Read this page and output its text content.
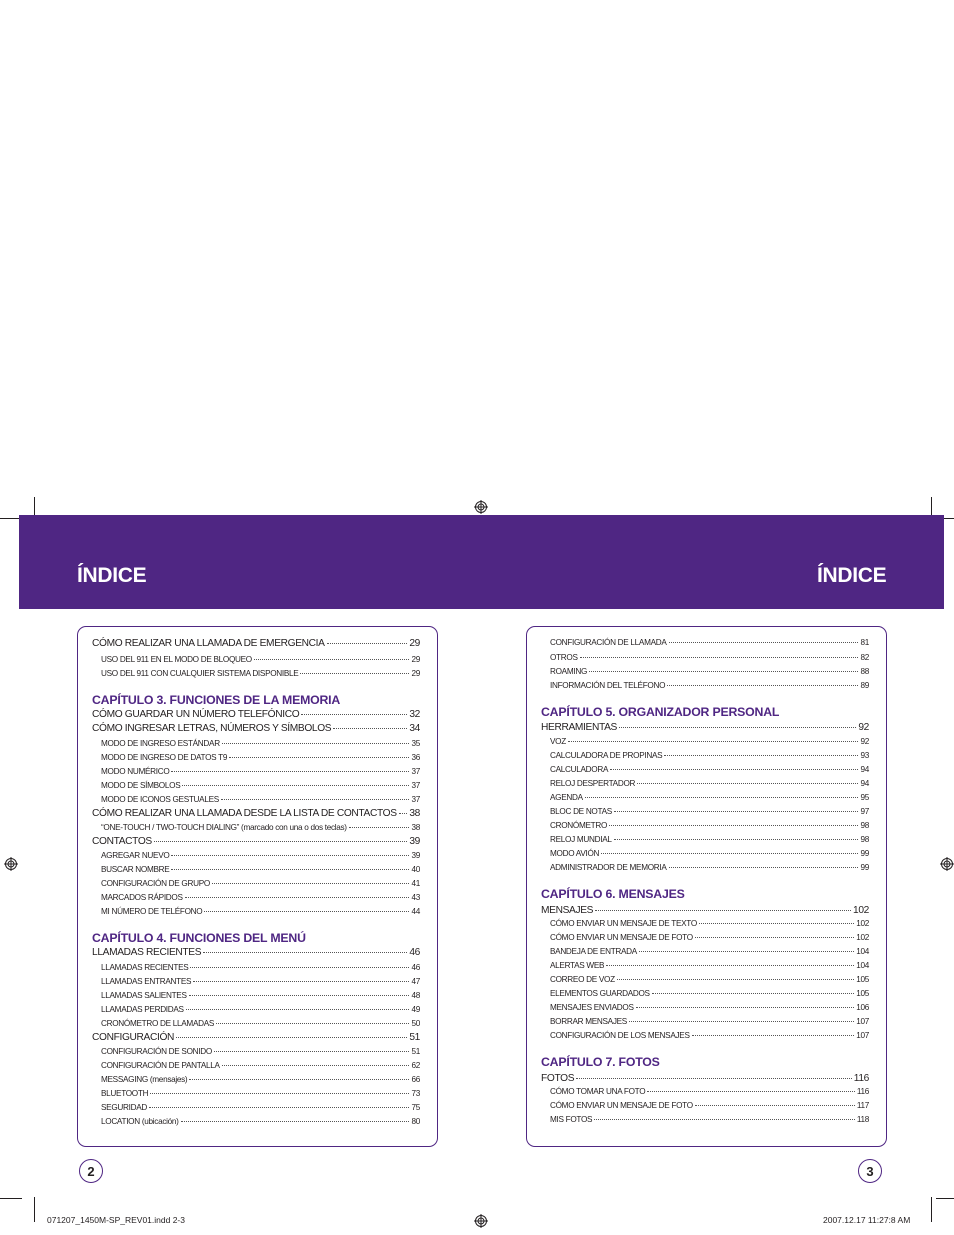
ÍNDICE	ÍNDICE
CÓMO REALIZAR UNA LLAMADA DE EMERGENCIA	29
USO DEL 911 EN EL MODO DE BLOQUEO	29
USO DEL 911 CON CUALQUIER SISTEMA DISPONIBLE	29
CAPÍTULO 3. FUNCIONES DE LA MEMORIA
CÓMO GUARDAR UN NÚMERO TELEFÓNICO	32
CÓMO INGRESAR LETRAS, NÚMEROS Y SÍMBOLOS	34
MODO DE INGRESO ESTÁNDAR	35
MODO DE INGRESO DE DATOS T9	36
MODO NUMÉRICO	37
MODO DE SÍMBOLOS	37
MODO DE ICONOS GESTUALES	37
CÓMO REALIZAR UNA LLAMADA DESDE LA LISTA DE CONTACTOS 38
“ONE-TOUCH / TWO-TOUCH DIALING” (marcado con una o dos teclas)	38
CONTACTOS	39
AGREGAR NUEVO	39
BUSCAR NOMBRE	40
CONFIGURACIÓN DE GRUPO	41
MARCADOS RÁPIDOS	43
MI NÚMERO DE TELÉFONO	44
CAPÍTULO 4. FUNCIONES DEL MENÚ
LLAMADAS RECIENTES	46
LLAMADAS RECIENTES	46
LLAMADAS ENTRANTES	47
LLAMADAS SALIENTES	48
LLAMADAS PERDIDAS	49
CRONÓMETRO DE LLAMADAS	50
CONFIGURACIÓN	51
CONFIGURACIÓN DE SONIDO	51
CONFIGURACIÓN DE PANTALLA	62
MESSAGING (mensajes)	66
BLUETOOTH	73
SEGURIDAD	75
LOCATION (ubicación)	80
CONFIGURACIÓN DE LLAMADA	81
OTROS	82
ROAMING	88
INFORMACIÓN DEL TELÉFONO	89
CAPÍTULO 5. ORGANIZADOR PERSONAL
HERRAMIENTAS	92
VOZ	92
CALCULADORA DE PROPINAS	93
CALCULADORA	94
RELOJ DESPERTADOR	94
AGENDA	95
BLOC DE NOTAS	97
CRONÓMETRO	98
RELOJ MUNDIAL	98
MODO AVIÓN	99
ADMINISTRADOR DE MEMORIA	99
CAPÍTULO 6. MENSAJES
MENSAJES	102
CÓMO ENVIAR UN MENSAJE DE TEXTO	102
CÓMO ENVIAR UN MENSAJE DE FOTO	102
BANDEJA DE ENTRADA	104
ALERTAS WEB	104
CORREO DE VOZ	105
ELEMENTOS GUARDADOS	105
MENSAJES ENVIADOS	106
BORRAR MENSAJES	107
CONFIGURACIÓN DE LOS MENSAJES	107
CAPÍTULO 7. FOTOS
FOTOS	116
CÓMO TOMAR UNA FOTO	116
CÓMO ENVIAR UN MENSAJE DE FOTO	117
MIS FOTOS	118
2	3
071207_1450M-SP_REV01.indd 2-3	2007.12.17 11:27:8 AM
